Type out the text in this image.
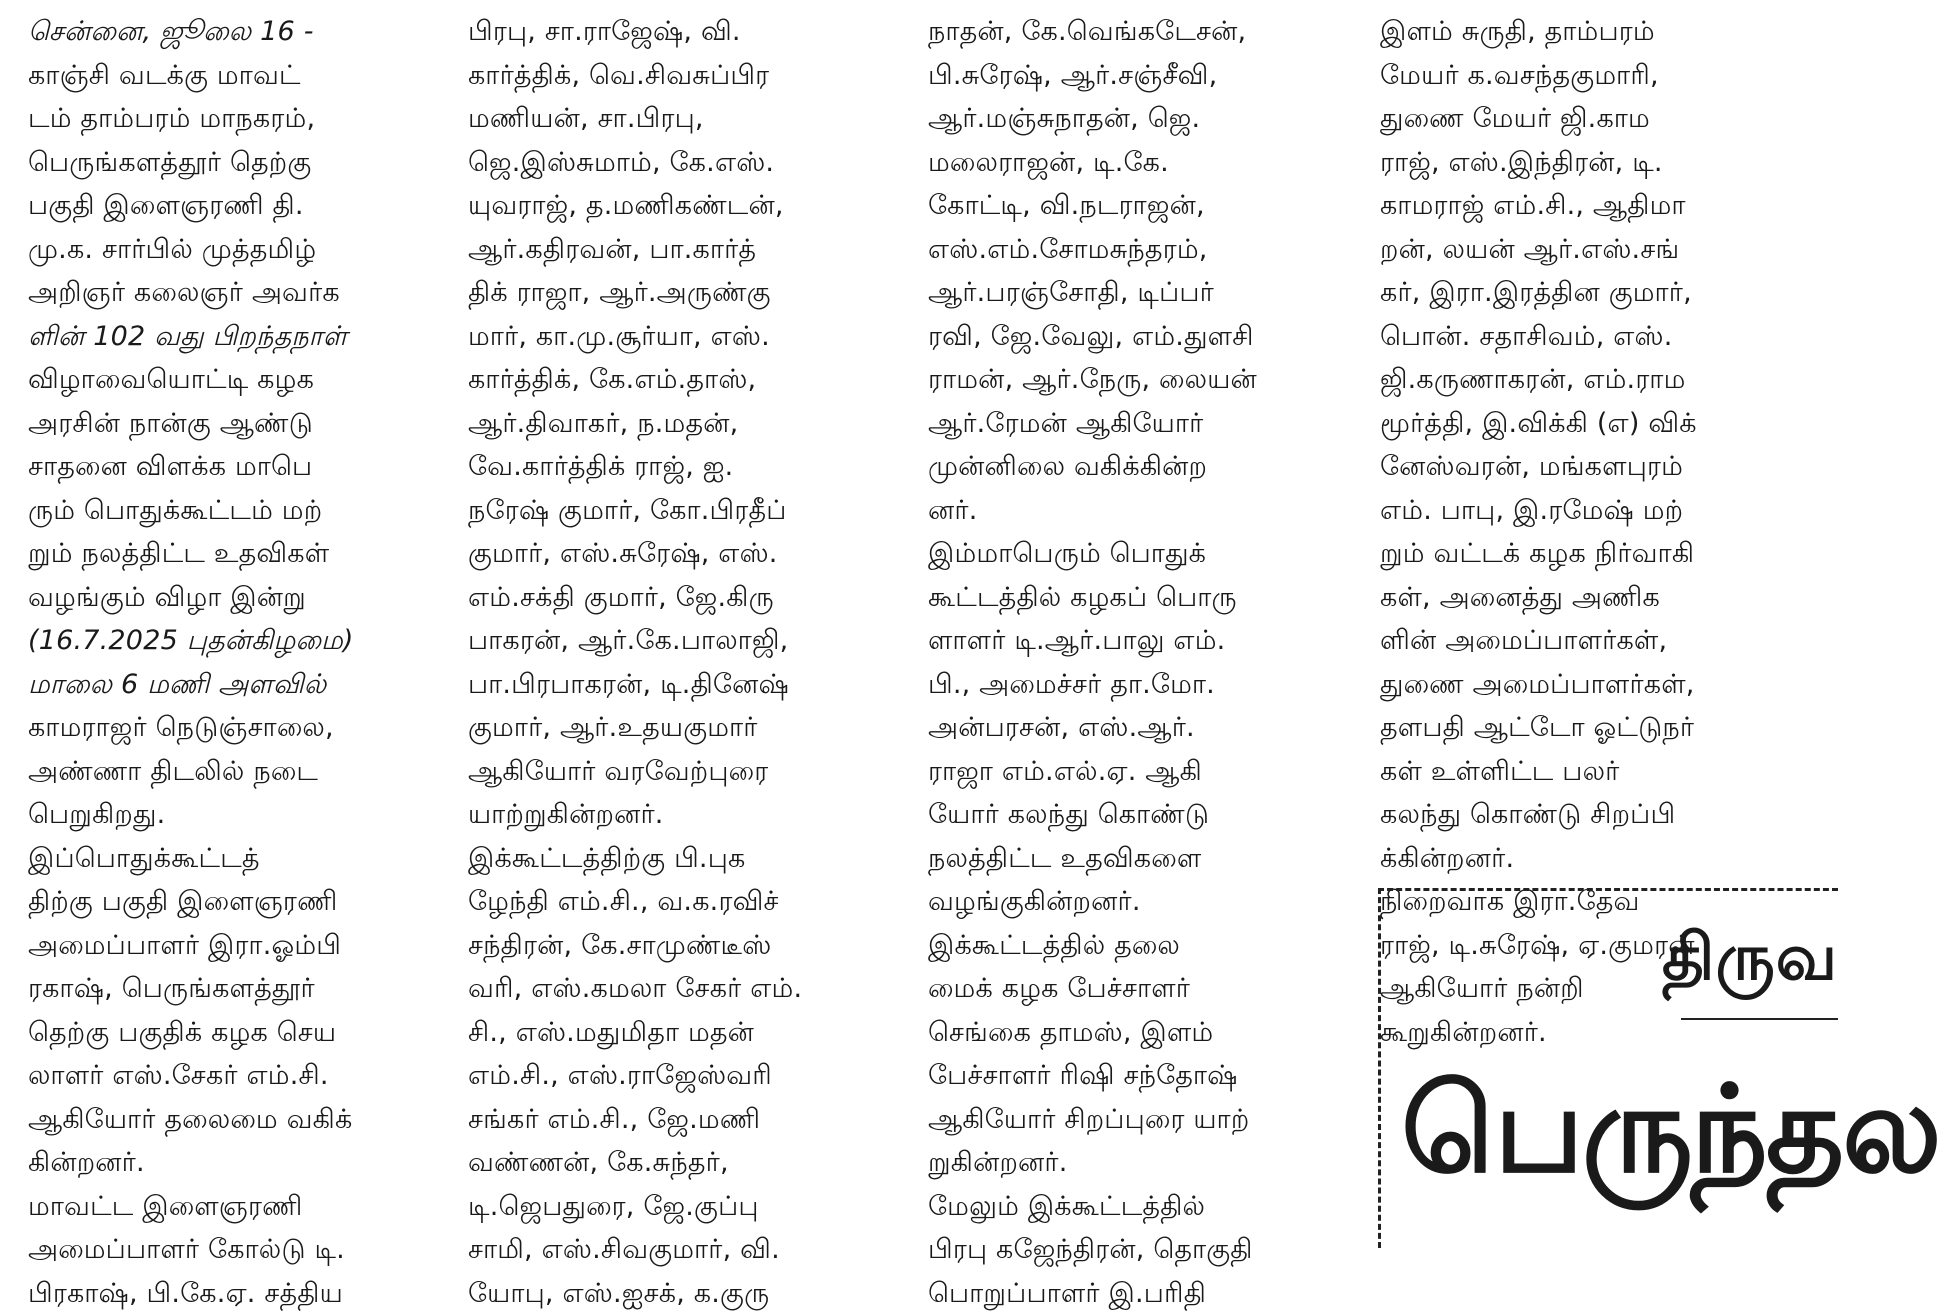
சென்னை, ஜூலை 16 -
காஞ்சி வடக்கு மாவட்
டம் தாம்பரம் மாநகரம்,
பெருங்களத்தூர் தெற்கு
பகுதி இளைஞரணி தி.
மு.க. சார்பில் முத்தமிழ்
அறிஞர் கலைஞர் அவர்க
ளின் 102 வது பிறந்தநாள்
விழாவையொட்டி கழக
அரசின் நான்கு ஆண்டு
சாதனை விளக்க மாபெ
ரும் பொதுக்கூட்டம் மற்
றும் நலத்திட்ட உதவிகள்
வழங்கும் விழா இன்று
(16.7.2025 புதன்கிழமை)
மாலை 6 மணி அளவில்
காமராஜர் நெடுஞ்சாலை,
அண்ணா திடலில் நடை
பெறுகிறது.
இப்பொதுக்கூட்டத்
திற்கு பகுதி இளைஞரணி
அமைப்பாளர் இரா.ஓம்பி
ரகாஷ், பெருங்களத்தூர்
தெற்கு பகுதிக் கழக செய
லாளர் எஸ்.சேகர் எம்.சி.
ஆகியோர் தலைமை வகிக்
கின்றனர்.
மாவட்ட இளைஞரணி
அமைப்பாளர் கோல்டு டி.
பிரகாஷ், பி.கே.ஏ. சத்திய
பிரபு, சா.ராஜேஷ், வி.
கார்த்திக், வெ.சிவசுப்பிர
மணியன், சா.பிரபு,
ஜெ.இஸ்சுமாம், கே.எஸ்.
யுவராஜ், த.மணிகண்டன்,
ஆர்.கதிரவன், பா.கார்த்
திக் ராஜா, ஆர்.அருண்கு
மார், கா.மு.சூர்யா, எஸ்.
கார்த்திக், கே.எம்.தாஸ்,
ஆர்.திவாகர், ந.மதன்,
வே.கார்த்திக் ராஜ், ஐ.
நரேஷ் குமார், கோ.பிரதீப்
குமார், எஸ்.சுரேஷ், எஸ்.
எம்.சக்தி குமார், ஜே.கிரு
பாகரன், ஆர்.கே.பாலாஜி,
பா.பிரபாகரன், டி.தினேஷ்
குமார், ஆர்.உதயகுமார்
ஆகியோர் வரவேற்புரை
யாற்றுகின்றனர்.
இக்கூட்டத்திற்கு பி.புக
ழேந்தி எம்.சி., வ.க.ரவிச்
சந்திரன், கே.சாமுண்டீஸ்
வரி, எஸ்.கமலா சேகர் எம்.
சி., எஸ்.மதுமிதா மதன்
எம்.சி., எஸ்.ராஜேஸ்வரி
சங்கர் எம்.சி., ஜே.மணி
வண்ணன், கே.சுந்தர்,
டி.ஜெபதுரை, ஜே.குப்பு
சாமி, எஸ்.சிவகுமார், வி.
யோபு, எஸ்.ஐசக், க.குரு
நாதன், கே.வெங்கடேசன்,
பி.சுரேஷ், ஆர்.சஞ்சீவி,
ஆர்.மஞ்சுநாதன், ஜெ.
மலைராஜன், டி.கே.
கோட்டி, வி.நடராஜன்,
எஸ்.எம்.சோமசுந்தரம்,
ஆர்.பரஞ்சோதி, டிப்பர்
ரவி, ஜே.வேலு, எம்.துளசி
ராமன், ஆர்.நேரு, லையன்
ஆர்.ரேமன் ஆகியோர்
முன்னிலை வகிக்கின்ற
னர்.
இம்மாபெரும் பொதுக்
கூட்டத்தில் கழகப் பொரு
ளாளர் டி.ஆர்.பாலு எம்.
பி., அமைச்சர் தா.மோ.
அன்பரசன், எஸ்.ஆர்.
ராஜா எம்.எல்.ஏ. ஆகி
யோர் கலந்து கொண்டு
நலத்திட்ட உதவிகளை
வழங்குகின்றனர்.
இக்கூட்டத்தில் தலை
மைக் கழக பேச்சாளர்
செங்கை தாமஸ், இளம்
பேச்சாளர் ரிஷி சந்தோஷ்
ஆகியோர் சிறப்புரை யாற்
றுகின்றனர்.
மேலும் இக்கூட்டத்தில்
பிரபு கஜேந்திரன், தொகுதி
பொறுப்பாளர் இ.பரிதி
இளம் சுருதி, தாம்பரம்
மேயர் க.வசந்தகுமாரி,
துணை மேயர் ஜி.காம
ராஜ், எஸ்.இந்திரன், டி.
காமராஜ் எம்.சி., ஆதிமா
றன், லயன் ஆர்.எஸ்.சங்
கர், இரா.இரத்தின குமார்,
பொன். சதாசிவம், எஸ்.
ஜி.கருணாகரன், எம்.ராம
மூர்த்தி, இ.விக்கி (எ) விக்
னேஸ்வரன், மங்களபுரம்
எம். பாபு, இ.ரமேஷ் மற்
றும் வட்டக் கழக நிர்வாகி
கள், அனைத்து அணிக
ளின் அமைப்பாளர்கள்,
துணை அமைப்பாளர்கள்,
தளபதி ஆட்டோ ஓட்டுநர்
கள் உள்ளிட்ட பலர்
கலந்து கொண்டு சிறப்பி
க்கின்றனர்.
நிறைவாக இரா.தேவ
ராஜ், டி.சுரேஷ், ஏ.குமரன்
ஆகியோர் நன்றி
கூறுகின்றனர்.
திருவ
பெருந்தல
